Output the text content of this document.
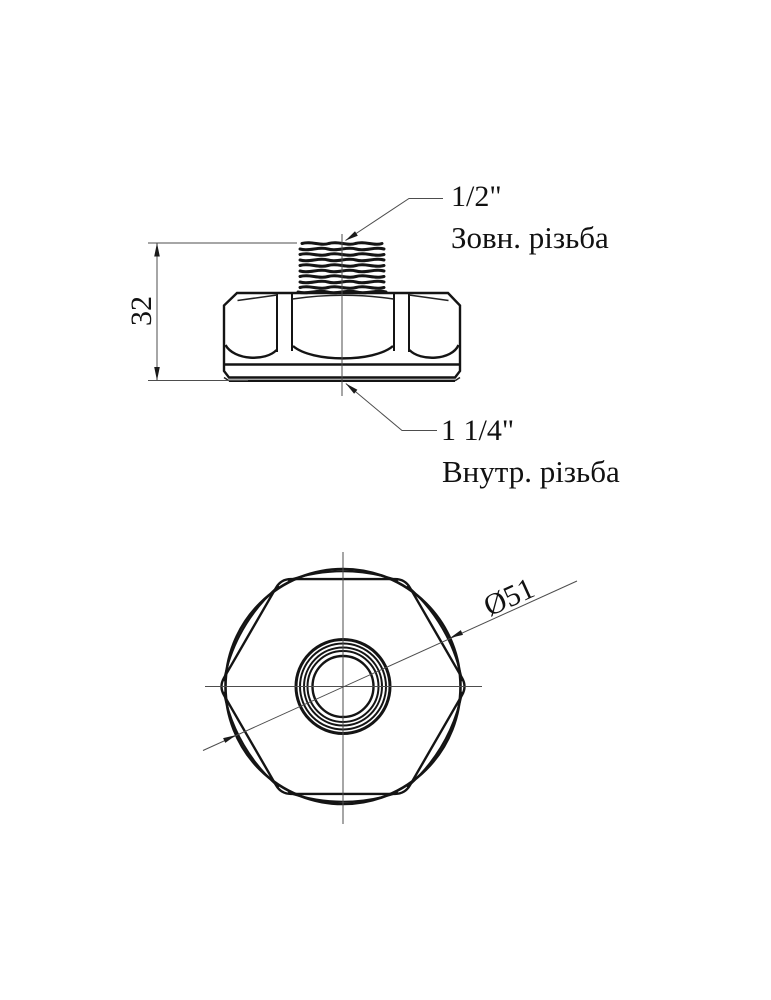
32
1/2"
Зовн. різьба
1 1/4"
Внутр. різьба
Ø51
